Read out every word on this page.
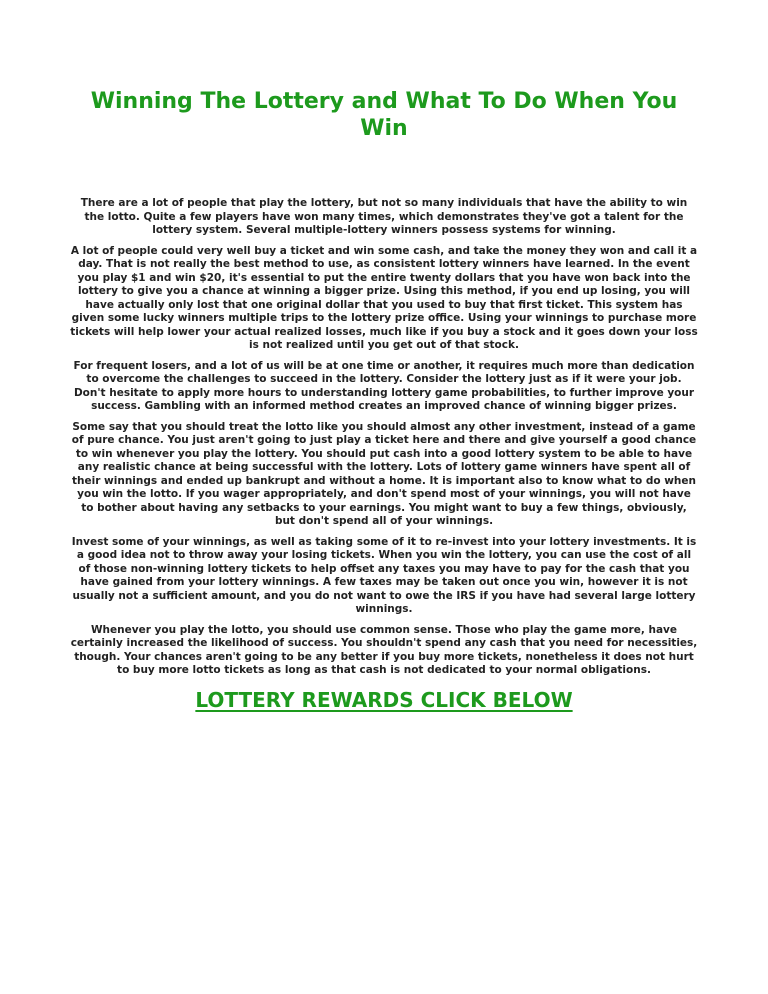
Winning The Lottery and What To Do When You Win

There are a lot of people that play the lottery, but not so many individuals that have the ability to win the lotto. Quite a few players have won many times, which demonstrates they've got a talent for the lottery system. Several multiple-lottery winners possess systems for winning.

A lot of people could very well buy a ticket and win some cash, and take the money they won and call it a day. That is not really the best method to use, as consistent lottery winners have learned. In the event you play $1 and win $20, it's essential to put the entire twenty dollars that you have won back into the lottery to give you a chance at winning a bigger prize. Using this method, if you end up losing, you will have actually only lost that one original dollar that you used to buy that first ticket. This system has given some lucky winners multiple trips to the lottery prize office. Using your winnings to purchase more tickets will help lower your actual realized losses, much like if you buy a stock and it goes down your loss is not realized until you get out of that stock.

For frequent losers, and a lot of us will be at one time or another, it requires much more than dedication to overcome the challenges to succeed in the lottery. Consider the lottery just as if it were your job. Don't hesitate to apply more hours to understanding lottery game probabilities, to further improve your success. Gambling with an informed method creates an improved chance of winning bigger prizes.

Some say that you should treat the lotto like you should almost any other investment, instead of a game of pure chance. You just aren't going to just play a ticket here and there and give yourself a good chance to win whenever you play the lottery. You should put cash into a good lottery system to be able to have any realistic chance at being successful with the lottery. Lots of lottery game winners have spent all of their winnings and ended up bankrupt and without a home. It is important also to know what to do when you win the lotto. If you wager appropriately, and don't spend most of your winnings, you will not have to bother about having any setbacks to your earnings. You might want to buy a few things, obviously, but don't spend all of your winnings.

Invest some of your winnings, as well as taking some of it to re-invest into your lottery investments. It is a good idea not to throw away your losing tickets. When you win the lottery, you can use the cost of all of those non-winning lottery tickets to help offset any taxes you may have to pay for the cash that you have gained from your lottery winnings. A few taxes may be taken out once you win, however it is not usually not a sufficient amount, and you do not want to owe the IRS if you have had several large lottery winnings.

Whenever you play the lotto, you should use common sense. Those who play the game more, have certainly increased the likelihood of success. You shouldn't spend any cash that you need for necessities, though. Your chances aren't going to be any better if you buy more tickets, nonetheless it does not hurt to buy more lotto tickets as long as that cash is not dedicated to your normal obligations.

LOTTERY REWARDS CLICK BELOW
